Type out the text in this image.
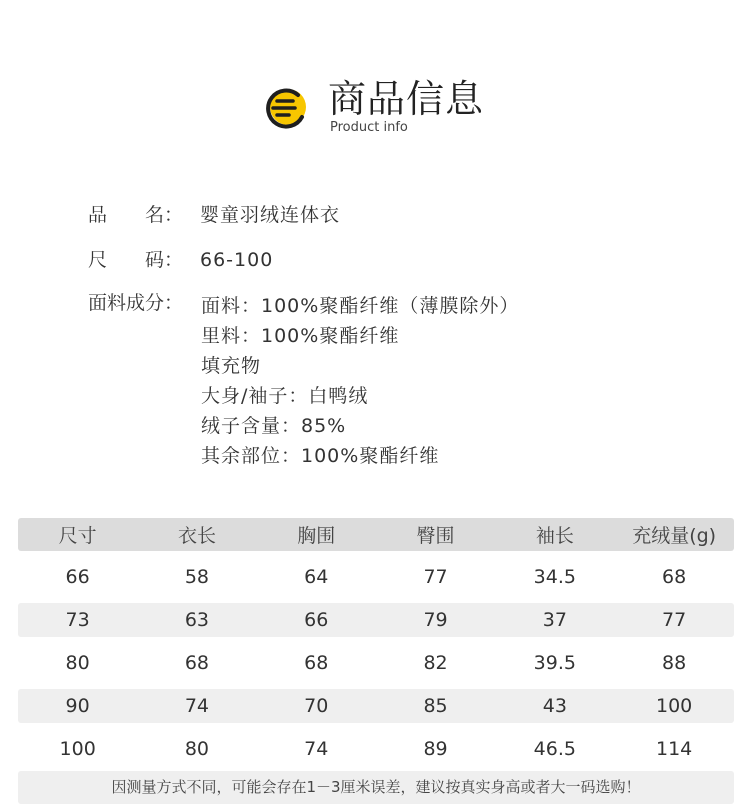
商品信息
Product info
品 名： 婴童羽绒连体衣
尺 码： 66-100
面料成分： 面料：100%聚酯纤维（薄膜除外）
里料：100%聚酯纤维
填充物
大身/袖子：白鸭绒
绒子含量：85%
其余部位：100%聚酯纤维
尺寸	衣长	胸围	臀围	袖长	充绒量(g)
66	58	64	77	34.5	68
73	63	66	79	37	77
80	68	68	82	39.5	88
90	74	70	85	43	100
100	80	74	89	46.5	114
因测量方式不同，可能会存在1－3厘米误差，建议按真实身高或者大一码选购！
